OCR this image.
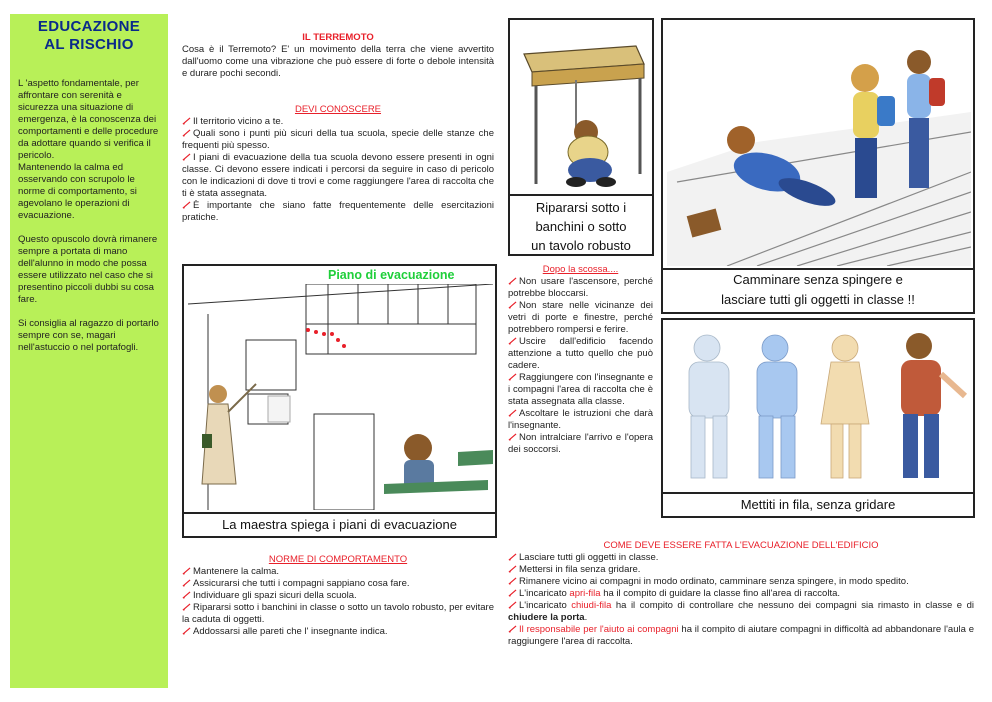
EDUCAZIONE
AL RISCHIO
L 'aspetto fondamentale, per affrontare con serenità e sicurezza una situazione di emergenza, è la conoscenza dei comportamenti e delle procedure da adottare quando si verifica il pericolo.
Mantenendo la calma ed osservando con scrupolo le norme di comportamento, si agevolano le operazioni di evacuazione.
Questo opuscolo dovrà rimanere sempre a portata di mano dell'alunno in modo che possa essere utilizzato nel caso che si presentino piccoli dubbi su cosa fare.
Si consiglia al ragazzo di portarlo sempre con se, magari nell'astuccio o nel portafogli.
IL TERREMOTO
Cosa è il Terremoto? E' un movimento della terra che viene avvertito dall'uomo come una vibrazione che può essere di forte o debole intensità e durare pochi secondi.
DEVI CONOSCERE
Il territorio vicino a te.
Quali sono i punti più sicuri della tua scuola, specie delle stanze che frequenti più spesso.
I piani di evacuazione della tua scuola devono essere presenti in ogni classe. Ci devono essere indicati i percorsi da seguire in caso di pericolo con le indicazioni di dove ti trovi e come raggiungere l'area di raccolta che ti è stata assegnata.
È importante che siano fatte frequentemente delle esercitazioni pratiche.
Ripararsi sotto i
banchini o sotto
un tavolo robusto
Camminare senza spingere e
lasciare tutti gli oggetti in classe !!
Piano di evacuazione
La maestra spiega i piani di evacuazione
Dopo la scossa....
Non usare l'ascensore, perché potrebbe bloccarsi.
Non stare nelle vicinanze dei vetri di porte e finestre, perché potrebbero rompersi e ferire.
Uscire dall'edificio facendo attenzione a tutto quello che può cadere.
Raggiungere con l'insegnante e i compagni l'area di raccolta che è stata assegnata alla classe.
Ascoltare le istruzioni che darà l'insegnante.
Non intralciare l'arrivo e l'opera dei soccorsi.
Mettiti in fila, senza gridare
NORME DI COMPORTAMENTO
Mantenere la calma.
Assicurarsi che tutti i compagni sappiano cosa fare.
Individuare gli spazi sicuri della scuola.
Ripararsi sotto i banchini in classe o sotto un tavolo robusto, per evitare la caduta di oggetti.
Addossarsi alle pareti che l' insegnante indica.
COME DEVE ESSERE FATTA L'EVACUAZIONE DELL'EDIFICIO
Lasciare tutti gli oggetti in classe.
Mettersi in fila senza gridare.
Rimanere vicino ai compagni in modo ordinato, camminare senza spingere, in modo spedito.
L'incaricato apri-fila ha il compito di guidare la classe fino all'area di raccolta.
L'incaricato chiudi-fila ha il compito di controllare che nessuno dei compagni sia rimasto in classe e di chiudere la porta.
Il responsabile per l'aiuto ai compagni ha il compito di aiutare compagni in difficoltà ad abbandonare l'aula e raggiungere l'area di raccolta.
